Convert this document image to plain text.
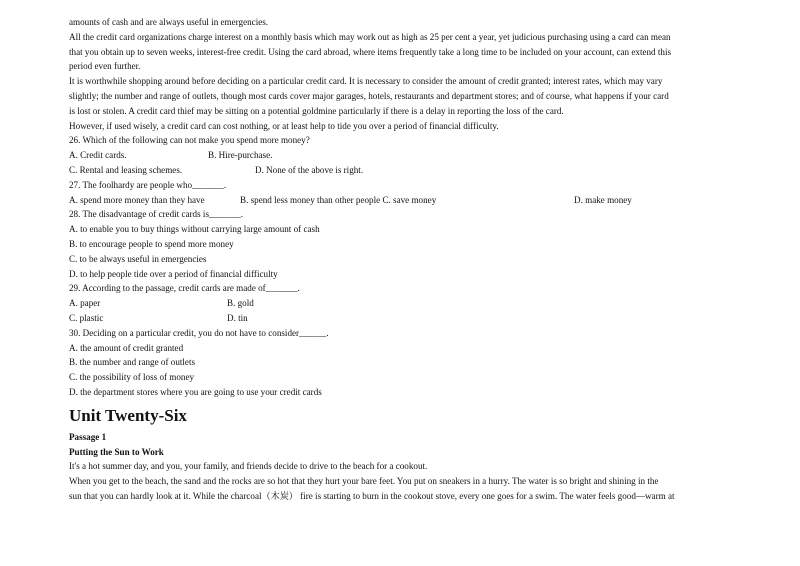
amounts of cash and are always useful in emergencies.
All the credit card organizations charge interest on a monthly basis which may work out as high as 25 per cent a year, yet judicious purchasing using a card can mean
that you obtain up to seven weeks, interest-free credit. Using the card abroad, where items frequently take a long time to be included on your account, can extend this
period even further.
It is worthwhile shopping around before deciding on a particular credit card. It is necessary to consider the amount of credit granted; interest rates, which may vary
slightly; the number and range of outlets, though most cards cover major garages, hotels, restaurants and department stores; and of course, what happens if your card
is lost or stolen. A credit card thief may be sitting on a potential goldmine particularly if there is a delay in reporting the loss of the card.
However, if used wisely, a credit card can cost nothing, or at least help to tide you over a period of financial difficulty.
26. Which of the following can not make you spend more money?
A. Credit cards.	B. Hire-purchase.
C. Rental and leasing schemes.	D. None of the above is right.
27. The foolhardy are people who_______.
A. spend more money than they have	B. spend less money than other people C. save money	D. make money
28. The disadvantage of credit cards is_______.
A. to enable you to buy things without carrying large amount of cash
B. to encourage people to spend more money
C. to be always useful in emergencies
D. to help people tide over a period of financial difficulty
29. According to the passage, credit cards are made of_______.
A. paper	B. gold
C. plastic	D. tin
30. Deciding on a particular credit, you do not have to consider______.
A. the amount of credit granted
B. the number and range of outlets
C. the possibility of loss of money
D. the department stores where you are going to use your credit cards
Unit Twenty-Six
Passage 1
Putting the Sun to Work
It's a hot summer day, and you, your family, and friends decide to drive to the beach for a cookout.
When you get to the beach, the sand and the rocks are so hot that they hurt your bare feet. You put on sneakers in a hurry. The water is so bright and shining in the
sun that you can hardly look at it. While the charcoal（木炭） fire is starting to burn in the cookout stove, every one goes for a swim. The water feels good—warm at
